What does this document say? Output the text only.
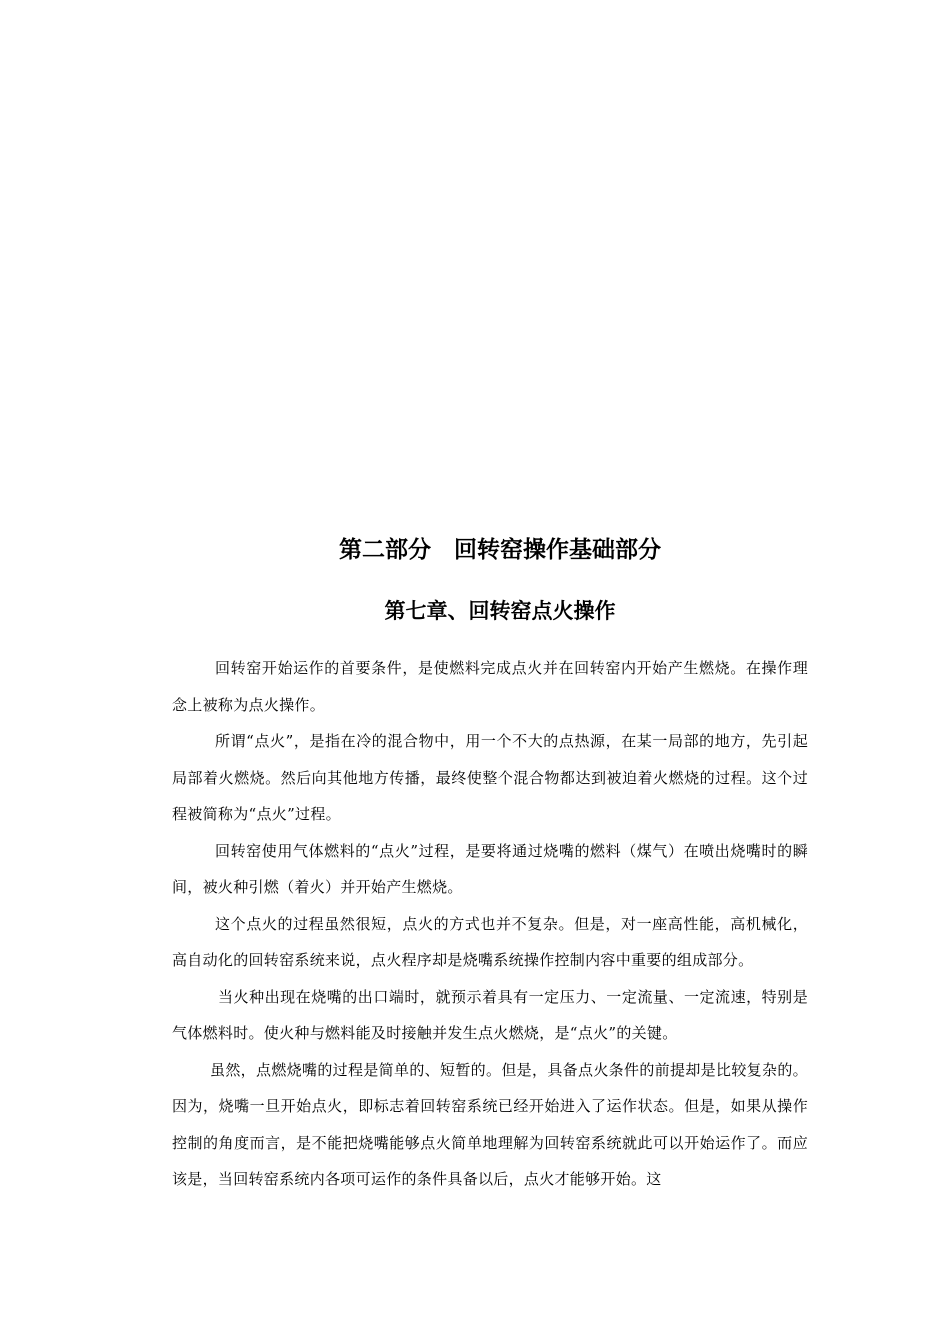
第二部分　回转窑操作基础部分
第七章、回转窑点火操作

回转窑开始运作的首要条件，是使燃料完成点火并在回转窑内开始产生燃烧。在操作理念上被称为点火操作。

所谓“点火”，是指在冷的混合物中，用一个不大的点热源，在某一局部的地方，先引起局部着火燃烧。然后向其他地方传播，最终使整个混合物都达到被迫着火燃烧的过程。这个过程被简称为“点火”过程。

回转窑使用气体燃料的“点火”过程，是要将通过烧嘴的燃料（煤气）在喷出烧嘴时的瞬间，被火种引燃（着火）并开始产生燃烧。

这个点火的过程虽然很短，点火的方式也并不复杂。但是，对一座高性能，高机械化，高自动化的回转窑系统来说，点火程序却是烧嘴系统操作控制内容中重要的组成部分。

当火种出现在烧嘴的出口端时，就预示着具有一定压力、一定流量、一定流速，特别是气体燃料时。使火种与燃料能及时接触并发生点火燃烧，是“点火”的关键。

虽然，点燃烧嘴的过程是简单的、短暂的。但是，具备点火条件的前提却是比较复杂的。因为，烧嘴一旦开始点火，即标志着回转窑系统已经开始进入了运作状态。但是，如果从操作控制的角度而言，是不能把烧嘴能够点火简单地理解为回转窑系统就此可以开始运作了。而应该是，当回转窑系统内各项可运作的条件具备以后，点火才能够开始。这
